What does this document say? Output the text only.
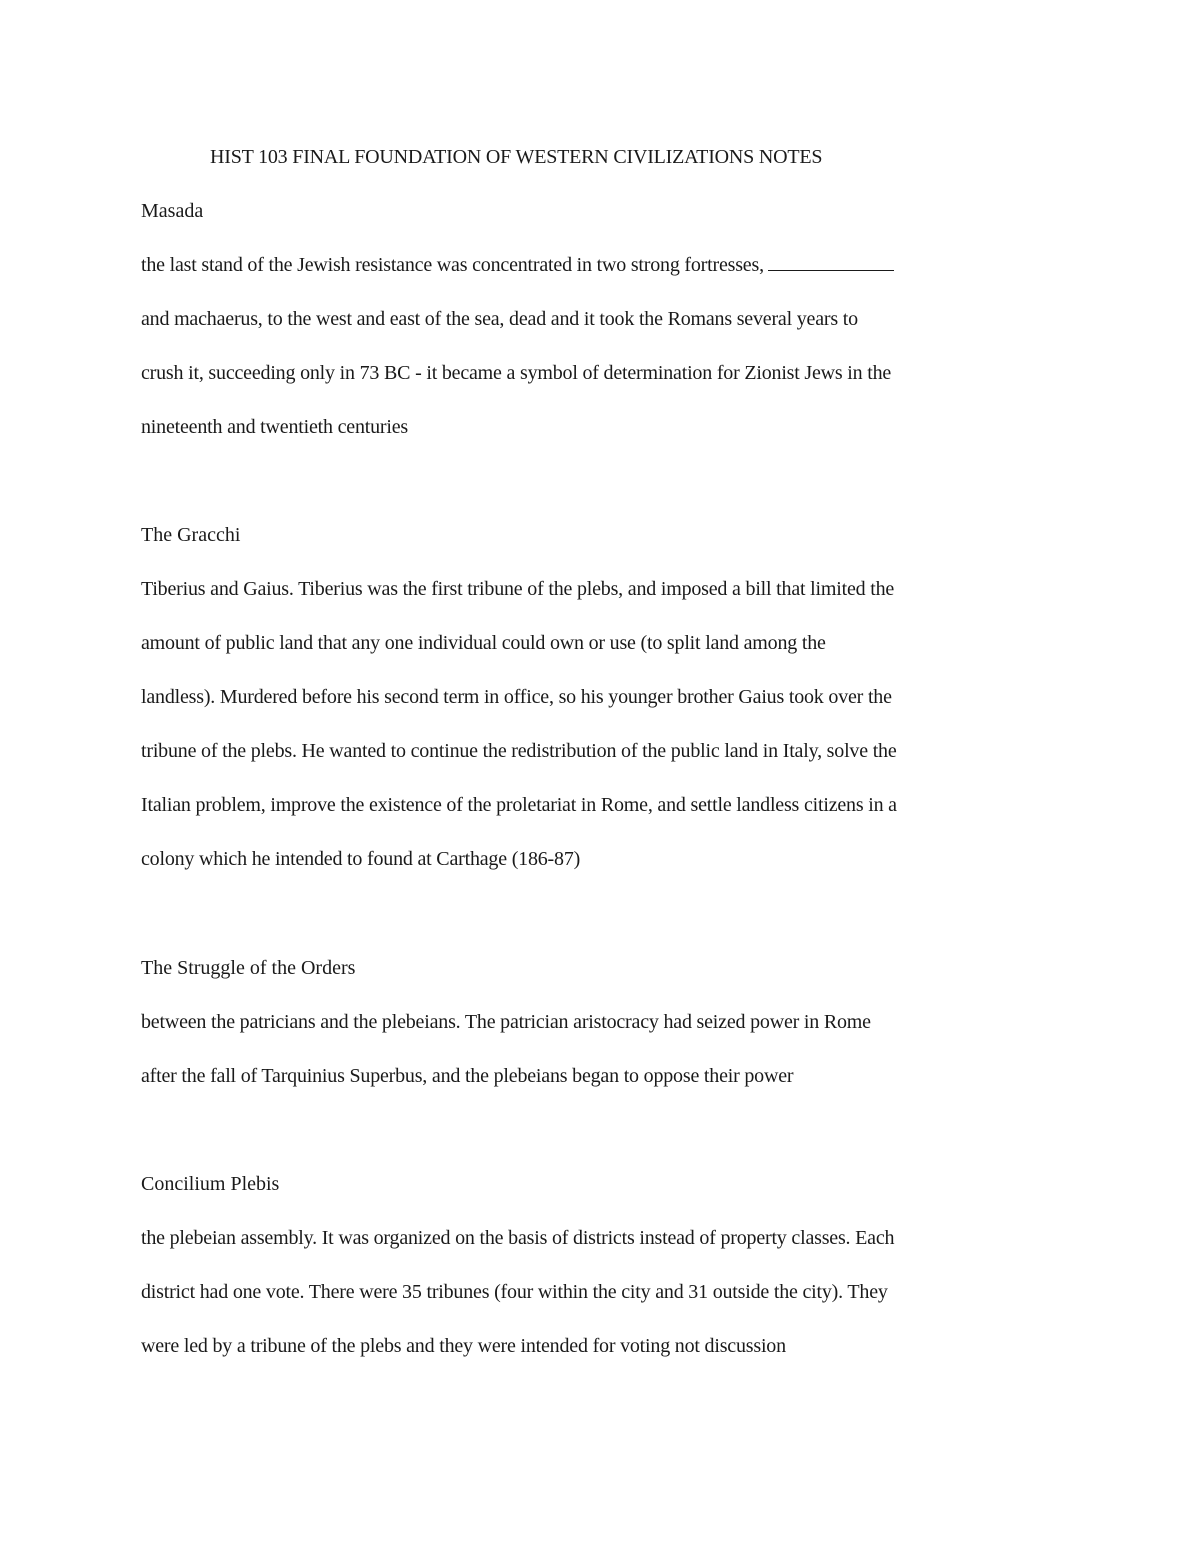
HIST 103 FINAL FOUNDATION OF WESTERN CIVILIZATIONS NOTES
Masada
the last stand of the Jewish resistance was concentrated in two strong fortresses,
and machaerus, to the west and east of the sea, dead and it took the Romans several years to
crush it, succeeding only in 73 BC - it became a symbol of determination for Zionist Jews in the
nineteenth and twentieth centuries
The Gracchi
Tiberius and Gaius. Tiberius was the first tribune of the plebs, and imposed a bill that limited the
amount of public land that any one individual could own or use (to split land among the
landless). Murdered before his second term in office, so his younger brother Gaius took over the
tribune of the plebs. He wanted to continue the redistribution of the public land in Italy, solve the
Italian problem, improve the existence of the proletariat in Rome, and settle landless citizens in a
colony which he intended to found at Carthage (186-87)
The Struggle of the Orders
between the patricians and the plebeians. The patrician aristocracy had seized power in Rome
after the fall of Tarquinius Superbus, and the plebeians began to oppose their power
Concilium Plebis
the plebeian assembly. It was organized on the basis of districts instead of property classes. Each
district had one vote. There were 35 tribunes (four within the city and 31 outside the city). They
were led by a tribune of the plebs and they were intended for voting not discussion
